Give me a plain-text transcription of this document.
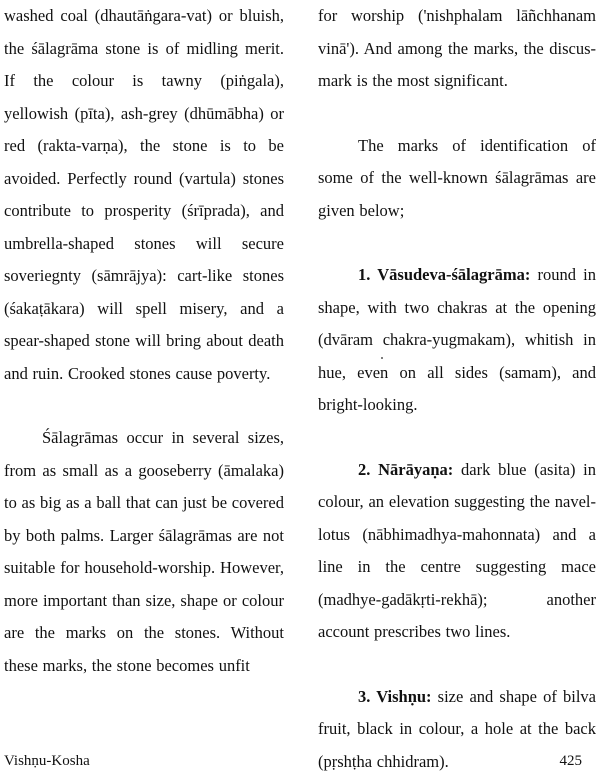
washed coal (dhautāṅgara-vat) or bluish, the śālagrāma stone is of midling merit. If the colour is tawny (piṅgala), yellowish (pīta), ash-grey (dhūmābha) or red (rakta-varṇa), the stone is to be avoided. Perfectly round (vartula) stones contribute to prosperity (śrīprada), and umbrella-shaped stones will secure soveriegnty (sāmrājya): cart-like stones (śakaṭākara) will spell misery, and a spear-shaped stone will bring about death and ruin. Crooked stones cause poverty.

Śālagrāmas occur in several sizes, from as small as a gooseberry (āmalaka) to as big as a ball that can just be covered by both palms. Larger śālagrāmas are not suitable for household-worship. However, more important than size, shape or colour are the marks on the stones. Without these marks, the stone becomes unfit

for worship ('nishphalam lāñchhanam vinā'). And among the marks, the discus-mark is the most significant.

The marks of identification of some of the well-known śālagrāmas are given below;

1. Vāsudeva-śālagrāma: round in shape, with two chakras at the opening (dvāram chakra-yugmakam), whitish in hue, even on all sides (samam), and bright-looking.

2. Nārāyaṇa: dark blue (asita) in colour, an elevation suggesting the navel-lotus (nābhimadhya-mahonnata) and a line in the centre suggesting mace (madhye-gadākṛti-rekhā); another account prescribes two lines.

3. Vishṇu: size and shape of bilva fruit, black in colour, a hole at the back (pṛshṭha chhidram).

Vishṇu-Kosha	425
